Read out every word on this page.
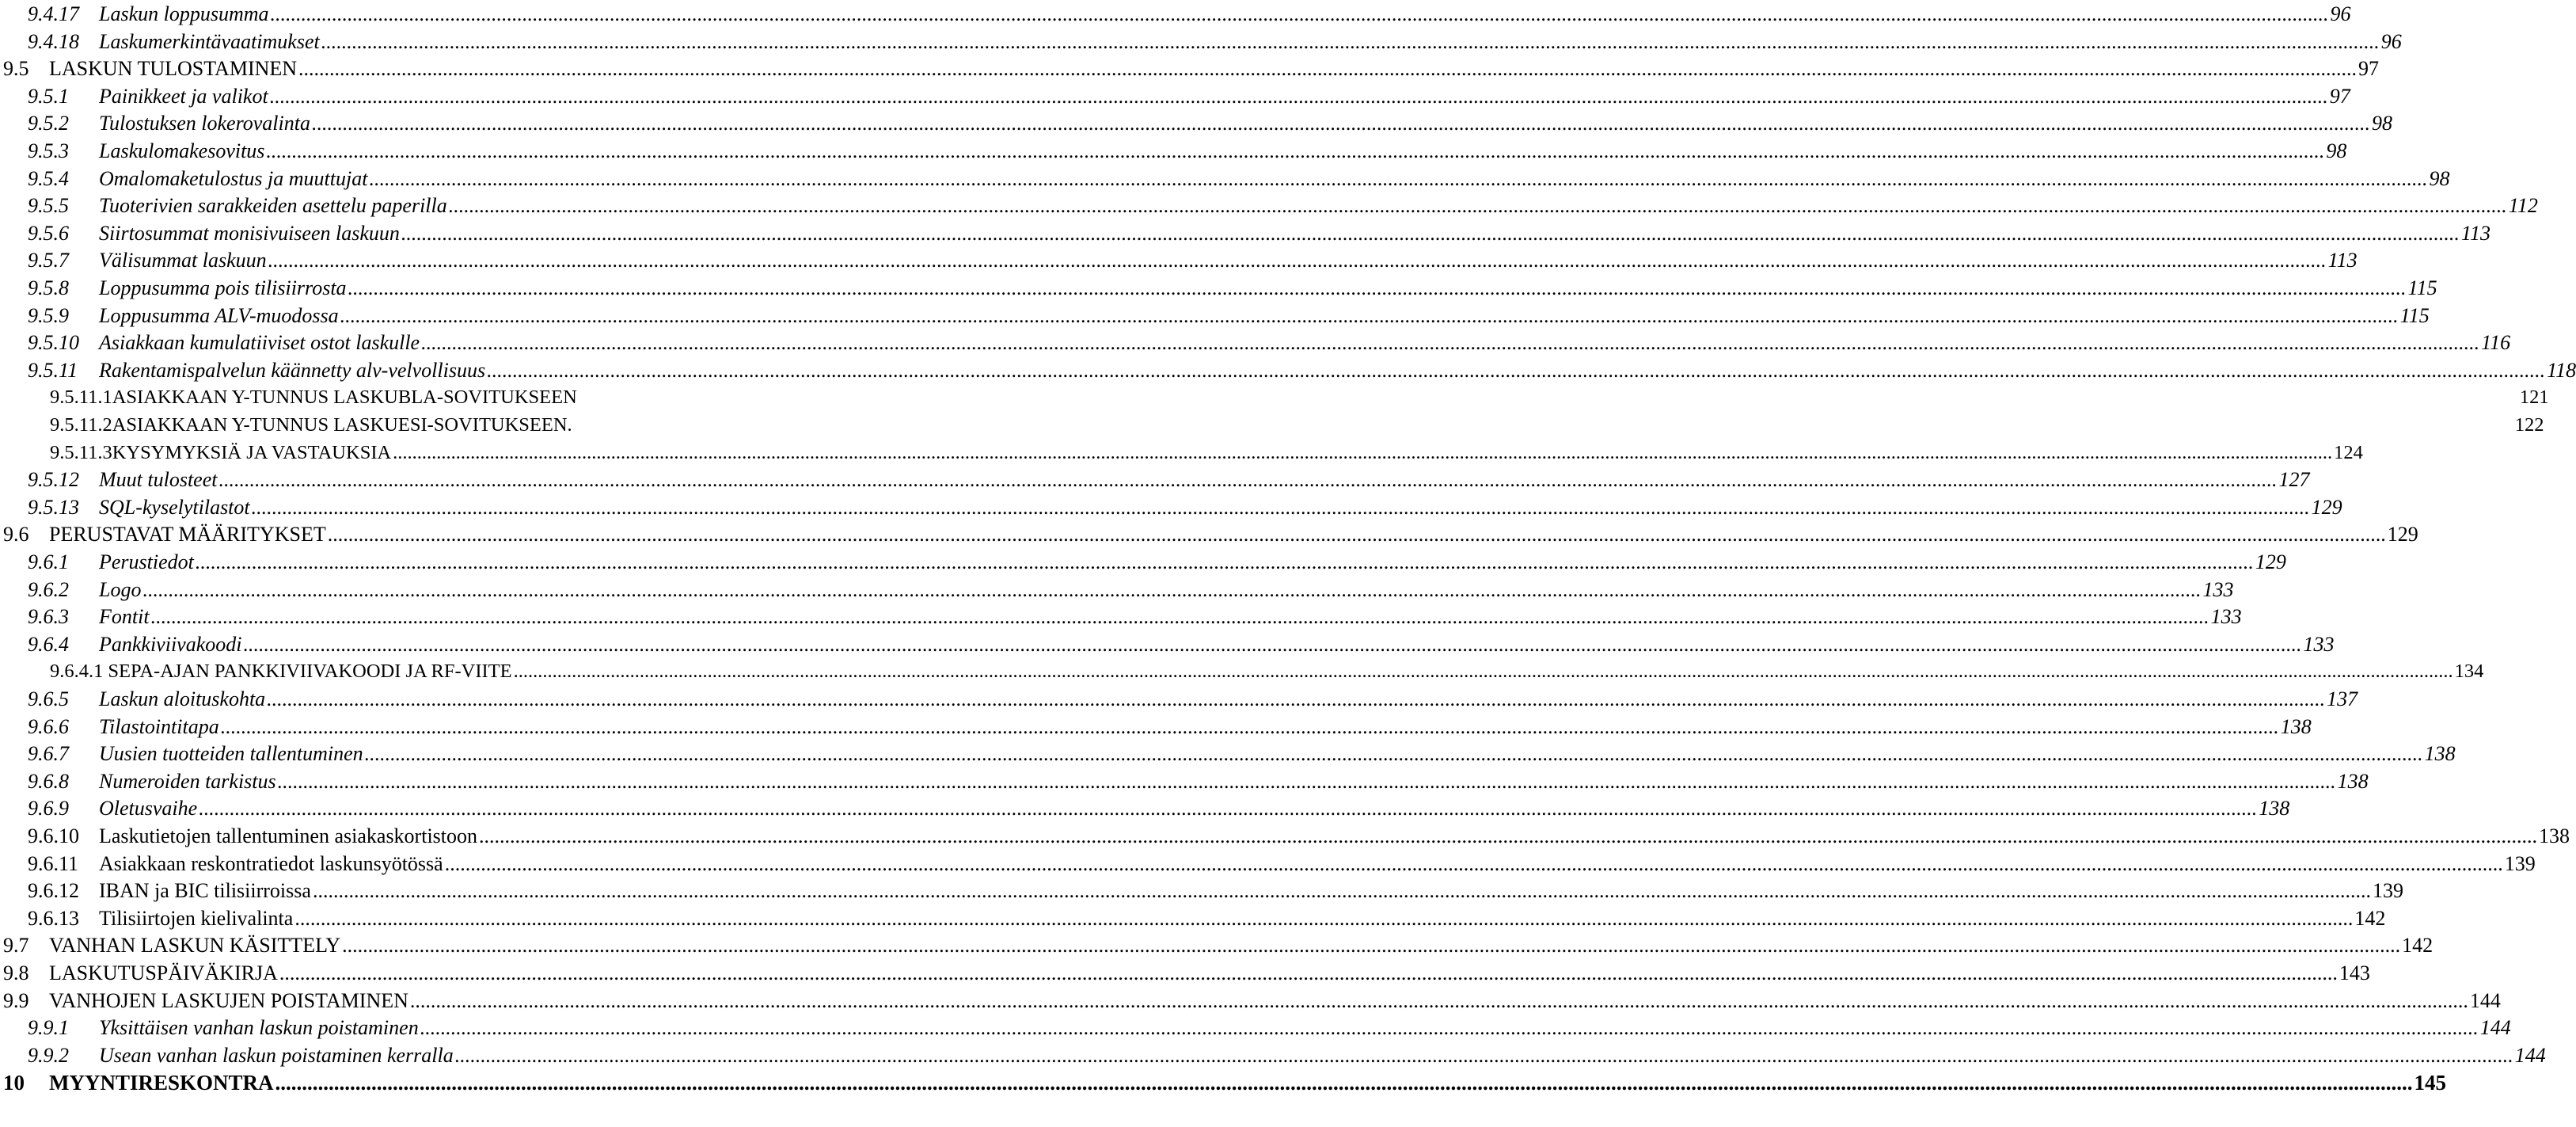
9.4.17 Laskun loppusumma ................................................................................................................................................................................................................................................................................................................................................................................................................ 96
9.4.18 Laskumerkintävaatimukset ................................................................................................................................................................................................................................................................................................................................................................................................................ 96
9.5 LASKUN TULOSTAMINEN ................................................................................................................................................................................................................................................................................................................................................................................................................ 97
9.5.1	Painikkeet ja valikot ................................................................................................................................................................................................................................................................................................................................................................................................................ 97
9.5.2	Tulostuksen lokerovalinta ................................................................................................................................................................................................................................................................................................................................................................................................................ 98
9.5.3	Laskulomakesovitus ................................................................................................................................................................................................................................................................................................................................................................................................................ 98
9.5.4	Omalomaketulostus ja muuttujat ................................................................................................................................................................................................................................................................................................................................................................................................................ 98
9.5.5	Tuoterivien sarakkeiden asettelu paperilla ................................................................................................................................................................................................................................................................................................................................................................................................................ 112
9.5.6	Siirtosummat monisivuiseen laskuun ................................................................................................................................................................................................................................................................................................................................................................................................................ 113
9.5.7	Välisummat laskuun ................................................................................................................................................................................................................................................................................................................................................................................................................ 113
9.5.8	Loppusumma pois tilisiirrosta ................................................................................................................................................................................................................................................................................................................................................................................................................ 115
9.5.9	Loppusumma ALV-muodossa ................................................................................................................................................................................................................................................................................................................................................................................................................ 115
9.5.10 Asiakkaan kumulatiiviset ostot laskulle ................................................................................................................................................................................................................................................................................................................................................................................................................ 116
9.5.11	Rakentamispalvelun käännetty alv-velvollisuus ................................................................................................................................................................................................................................................................................................................................................................................................................ 118
9.5.11.1 ASIAKKAAN Y-TUNNUS LASKUBLA-SOVITUKSEEN	121
9.5.11.2 ASIAKKAAN Y-TUNNUS LASKUESI-SOVITUKSEEN.	122
9.5.11.3 KYSYMYKSIÄ JA VASTAUKSIA ................................................................................................................................................................................................................................................................................................................................................................................................................ 124
9.5.12 Muut tulosteet ................................................................................................................................................................................................................................................................................................................................................................................................................ 127
9.5.13 SQL-kyselytilastot ................................................................................................................................................................................................................................................................................................................................................................................................................ 129
9.6 PERUSTAVAT MÄÄRITYKSET ................................................................................................................................................................................................................................................................................................................................................................................................................ 129
9.6.1	Perustiedot ................................................................................................................................................................................................................................................................................................................................................................................................................ 129
9.6.2	Logo ................................................................................................................................................................................................................................................................................................................................................................................................................ 133
9.6.3	Fontit ................................................................................................................................................................................................................................................................................................................................................................................................................ 133
9.6.4	Pankkiviivakoodi ................................................................................................................................................................................................................................................................................................................................................................................................................ 133
9.6.4.1 SEPA-AJAN PANKKIVIIVAKOODI JA RF-VIITE ................................................................................................................................................................................................................................................................................................................................................................................................................ 134
9.6.5	Laskun aloituskohta ................................................................................................................................................................................................................................................................................................................................................................................................................ 137
9.6.6	Tilastointitapa ................................................................................................................................................................................................................................................................................................................................................................................................................ 138
9.6.7	Uusien tuotteiden tallentuminen ................................................................................................................................................................................................................................................................................................................................................................................................................ 138
9.6.8	Numeroiden tarkistus ................................................................................................................................................................................................................................................................................................................................................................................................................ 138
9.6.9	Oletusvaihe ................................................................................................................................................................................................................................................................................................................................................................................................................ 138
9.6.10 Laskutietojen tallentuminen asiakaskortistoon ................................................................................................................................................................................................................................................................................................................................................................................................................ 138
9.6.11 Asiakkaan reskontratiedot laskunsyötössä ................................................................................................................................................................................................................................................................................................................................................................................................................ 139
9.6.12 IBAN ja BIC tilisiirroissa ................................................................................................................................................................................................................................................................................................................................................................................................................ 139
9.6.13 Tilisiirtojen kielivalinta ................................................................................................................................................................................................................................................................................................................................................................................................................ 142
9.7 VANHAN LASKUN KÄSITTELY ................................................................................................................................................................................................................................................................................................................................................................................................................ 142
9.8 LASKUTUSPÄIVÄKIRJA ................................................................................................................................................................................................................................................................................................................................................................................................................ 143
9.9 VANHOJEN LASKUJEN POISTAMINEN ................................................................................................................................................................................................................................................................................................................................................................................................................ 144
9.9.1	Yksittäisen vanhan laskun poistaminen ................................................................................................................................................................................................................................................................................................................................................................................................................ 144
9.9.2	Usean vanhan laskun poistaminen kerralla ................................................................................................................................................................................................................................................................................................................................................................................................................ 144
10	MYYNTIRESKONTRA ................................................................................................................................................................................................................................................................................................................................................................................................................ 145
